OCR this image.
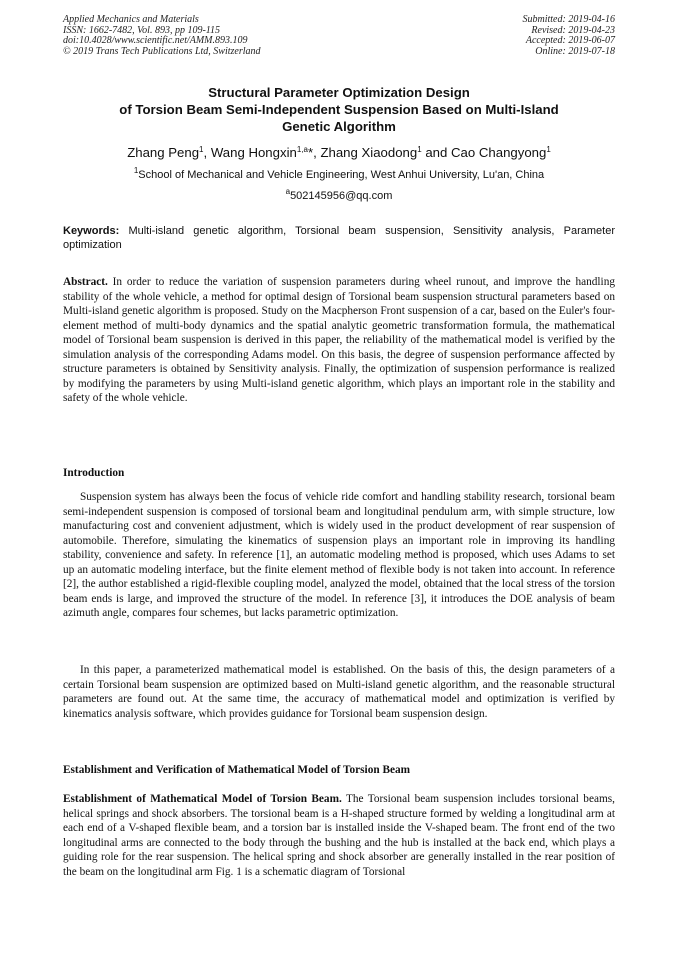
Applied Mechanics and Materials
ISSN: 1662-7482, Vol. 893, pp 109-115
doi:10.4028/www.scientific.net/AMM.893.109
© 2019 Trans Tech Publications Ltd, Switzerland
Submitted: 2019-04-16
Revised: 2019-04-23
Accepted: 2019-06-07
Online: 2019-07-18
Structural Parameter Optimization Design
of Torsion Beam Semi-Independent Suspension Based on Multi-Island
Genetic Algorithm
Zhang Peng$^1$, Wang Hongxin$^{1,a}$*, Zhang Xiaodong$^1$ and Cao Changyong$^1$
$^1$School of Mechanical and Vehicle Engineering, West Anhui University, Lu'an, China
$^a$502145956@qq.com
Keywords: Multi-island genetic algorithm, Torsional beam suspension, Sensitivity analysis, Parameter optimization

Abstract. In order to reduce the variation of suspension parameters during wheel runout, and improve the handling stability of the whole vehicle, a method for optimal design of Torsional beam suspension structural parameters based on Multi-island genetic algorithm is proposed. Study on the Macpherson Front suspension of a car, based on the Euler's four-element method of multi-body dynamics and the spatial analytic geometric transformation formula, the mathematical model of Torsional beam suspension is derived in this paper, the reliability of the mathematical model is verified by the simulation analysis of the corresponding Adams model. On this basis, the degree of suspension performance affected by structure parameters is obtained by Sensitivity analysis. Finally, the optimization of suspension performance is realized by modifying the parameters by using Multi-island genetic algorithm, which plays an important role in the stability and safety of the whole vehicle.

Introduction

Suspension system has always been the focus of vehicle ride comfort and handling stability research, torsional beam semi-independent suspension is composed of torsional beam and longitudinal pendulum arm, with simple structure, low manufacturing cost and convenient adjustment, which is widely used in the product development of rear suspension of automobile. Therefore, simulating the kinematics of suspension plays an important role in improving its handling stability, convenience and safety. In reference [1], an automatic modeling method is proposed, which uses Adams to set up an automatic modeling interface, but the finite element method of flexible body is not taken into account. In reference [2], the author established a rigid-flexible coupling model, analyzed the model, obtained that the local stress of the torsion beam ends is large, and improved the structure of the model. In reference [3], it introduces the DOE analysis of beam azimuth angle, compares four schemes, but lacks parametric optimization.

In this paper, a parameterized mathematical model is established. On the basis of this, the design parameters of a certain Torsional beam suspension are optimized based on Multi-island genetic algorithm, and the reasonable structural parameters are found out. At the same time, the accuracy of mathematical model and optimization is verified by kinematics analysis software, which provides guidance for Torsional beam suspension design.

Establishment and Verification of Mathematical Model of Torsion Beam

Establishment of Mathematical Model of Torsion Beam. The Torsional beam suspension includes torsional beams, helical springs and shock absorbers. The torsional beam is a H-shaped structure formed by welding a longitudinal arm at each end of a V-shaped flexible beam, and a torsion bar is installed inside the V-shaped beam. The front end of the two longitudinal arms are connected to the body through the bushing and the hub is installed at the back end, which plays a guiding role for the rear suspension. The helical spring and shock absorber are generally installed in the rear position of the beam on the longitudinal arm Fig. 1 is a schematic diagram of Torsional
